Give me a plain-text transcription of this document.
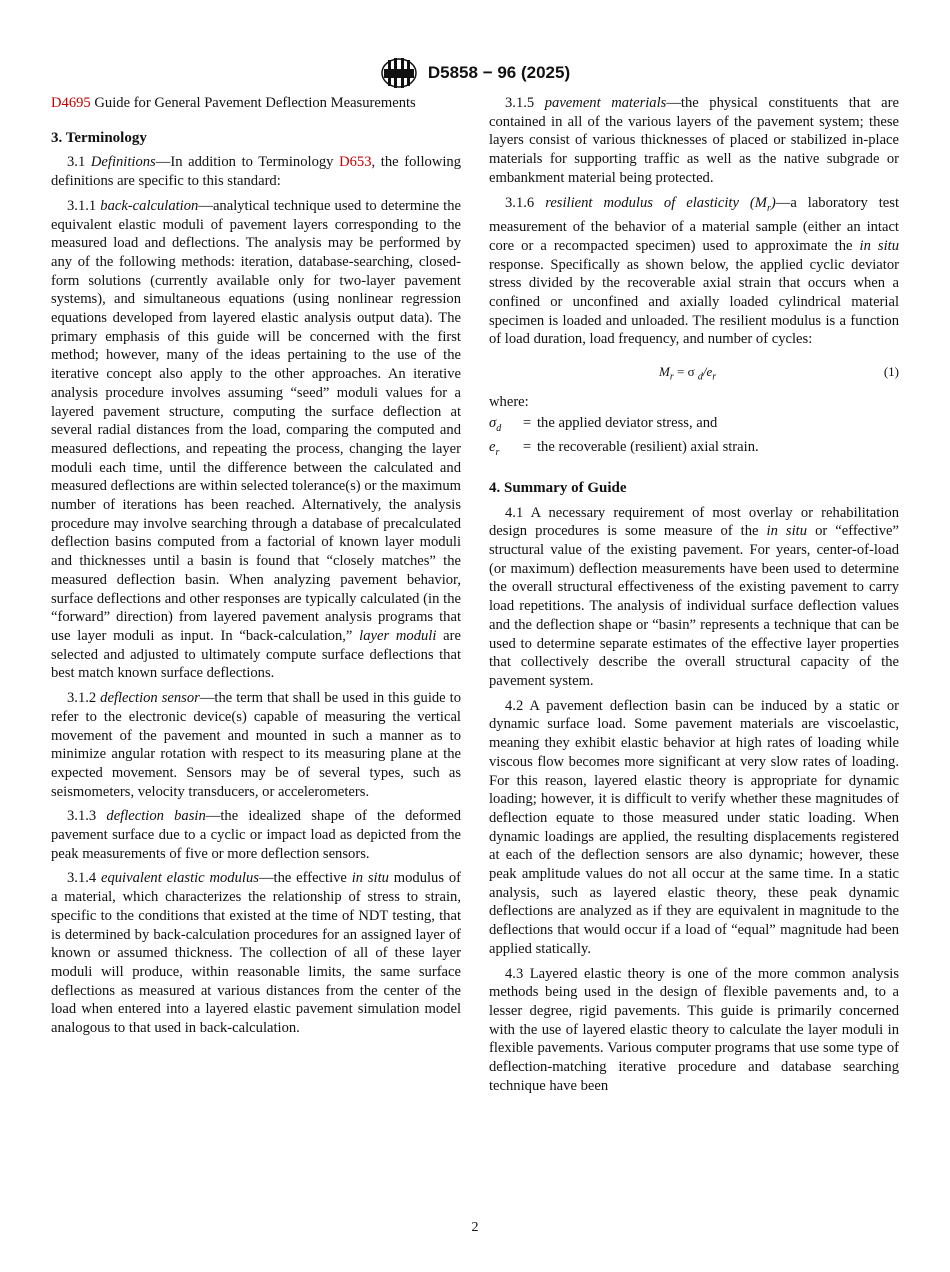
D5858 − 96 (2025)

D4695 Guide for General Pavement Deflection Measurements

3. Terminology

3.1 Definitions—In addition to Terminology D653, the following definitions are specific to this standard:

3.1.1 back-calculation—analytical technique used to determine the equivalent elastic moduli of pavement layers corresponding to the measured load and deflections. The analysis may be performed by any of the following methods: iteration, database-searching, closed-form solutions (currently available only for two-layer pavement systems), and simultaneous equations (using nonlinear regression equations developed from layered elastic analysis output data). The primary emphasis of this guide will be concerned with the first method; however, many of the ideas pertaining to the use of the iterative concept also apply to the other approaches. An iterative analysis procedure involves assuming “seed” moduli values for a layered pavement structure, computing the surface deflection at several radial distances from the load, comparing the computed and measured deflections, and repeating the process, changing the layer moduli each time, until the difference between the calculated and measured deflections are within selected tolerance(s) or the maximum number of iterations has been reached. Alternatively, the analysis procedure may involve searching through a database of precalculated deflection basins computed from a factorial of known layer moduli and thicknesses until a basin is found that “closely matches” the measured deflection basin. When analyzing pavement behavior, surface deflections and other responses are typically calculated (in the “forward” direction) from layered pavement analysis programs that use layer moduli as input. In “back-calculation,” layer moduli are selected and adjusted to ultimately compute surface deflections that best match known surface deflections.

3.1.2 deflection sensor—the term that shall be used in this guide to refer to the electronic device(s) capable of measuring the vertical movement of the pavement and mounted in such a manner as to minimize angular rotation with respect to its measuring plane at the expected movement. Sensors may be of several types, such as seismometers, velocity transducers, or accelerometers.

3.1.3 deflection basin—the idealized shape of the deformed pavement surface due to a cyclic or impact load as depicted from the peak measurements of five or more deflection sensors.

3.1.4 equivalent elastic modulus—the effective in situ modulus of a material, which characterizes the relationship of stress to strain, specific to the conditions that existed at the time of NDT testing, that is determined by back-calculation procedures for an assigned layer of known or assumed thickness. The collection of all of these layer moduli will produce, within reasonable limits, the same surface deflections as measured at various distances from the center of the load when entered into a layered elastic pavement simulation model analogous to that used in back-calculation.

3.1.5 pavement materials—the physical constituents that are contained in all of the various layers of the pavement system; these layers consist of various thicknesses of placed or stabilized in-place materials for supporting traffic as well as the native subgrade or embankment material being protected.

3.1.6 resilient modulus of elasticity $(M_r)—a$ laboratory test measurement of the behavior of a material sample (either an intact core or a recompacted specimen) used to approximate the in situ response. Specifically as shown below, the applied cyclic deviator stress divided by the recoverable axial strain that occurs when a confined or unconfined and axially loaded cylindrical material specimen is loaded and unloaded. The resilient modulus is a function of load duration, load frequency, and number of cycles:

$M_r = \sigma$ $_d/e_r$	(1)

where:

$\sigma_d$	= the applied deviator stress, and
$e_r$	= the recoverable (resilient) axial strain.
4. Summary of Guide

4.1 A necessary requirement of most overlay or rehabilitation design procedures is some measure of the in situ or “effective” structural value of the existing pavement. For years, center-of-load (or maximum) deflection measurements have been used to determine the overall structural effectiveness of the existing pavement to carry load repetitions. The analysis of individual surface deflection values and the deflection shape or “basin” represents a technique that can be used to determine separate estimates of the effective layer properties that collectively describe the overall structural capacity of the pavement system.

4.2 A pavement deflection basin can be induced by a static or dynamic surface load. Some pavement materials are viscoelastic, meaning they exhibit elastic behavior at high rates of loading while viscous flow becomes more significant at very slow rates of loading. For this reason, layered elastic theory is appropriate for dynamic loading; however, it is difficult to verify whether these magnitudes of deflection equate to those measured under static loading. When dynamic loadings are applied, the resulting displacements registered at each of the deflection sensors are also dynamic; however, these peak amplitude values do not all occur at the same time. In a static analysis, such as layered elastic theory, these peak dynamic deflections are analyzed as if they are equivalent in magnitude to the deflections that would occur if a load of “equal” magnitude had been applied statically.

4.3 Layered elastic theory is one of the more common analysis methods being used in the design of flexible pavements and, to a lesser degree, rigid pavements. This guide is primarily concerned with the use of layered elastic theory to calculate the layer moduli in flexible pavements. Various computer programs that use some type of deflection-matching iterative procedure and database searching technique have been

2
